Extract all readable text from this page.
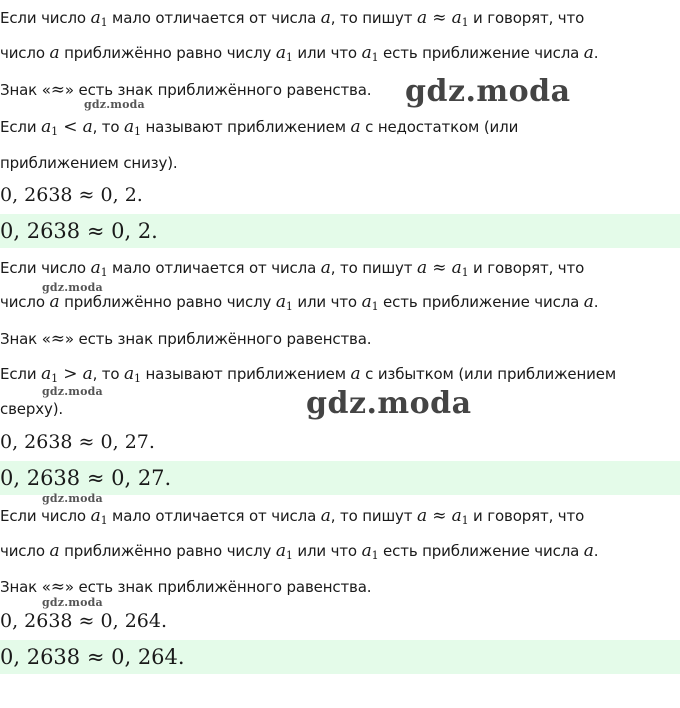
Если число $a_1$ мало отличается от числа a, то пишут $a \approx a_1$ и говорят, что
число a приближённо равно числу $a_1$ или что $a_1$ есть приближение числа a.
Знак «≈» есть знак приближённого равенства.
gdz.moda	gdz.moda
Если $a_1 < a$, то $a_1$ называют приближением a с недостатком (или
приближением снизу).
0, 2638 ≈ 0, 2.
0, 2638 ≈ 0, 2.
Если число $a_1$ мало отличается от числа a, то пишут $a \approx a_1$ и говорят, что
gdz.moda
число a приближённо равно числу $a_1$ или что $a_1$ есть приближение числа a.
Знак «≈» есть знак приближённого равенства.
Если $a_1 > a$, то $a_1$ называют приближением a с избытком (или приближением
gdz.moda
сверху).	gdz.moda
0, 2638 ≈ 0, 27.
0, 2638 ≈ 0, 27.
gdz.moda
Если число $a_1$ мало отличается от числа a, то пишут $a \approx a_1$ и говорят, что
число a приближённо равно числу $a_1$ или что $a_1$ есть приближение числа a.
Знак «≈» есть знак приближённого равенства.
gdz.moda
0, 2638 ≈ 0, 264.
0, 2638 ≈ 0, 264.
